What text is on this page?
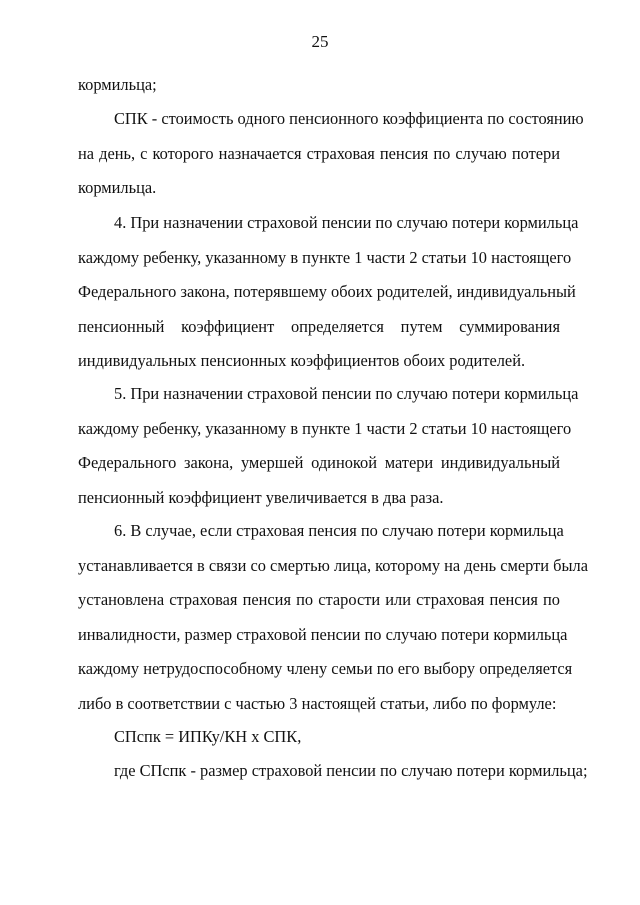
25
кормильца;
СПК - стоимость одного пенсионного коэффициента по состоянию
на день, с которого назначается страховая пенсия по случаю потери
кормильца.
4. При назначении страховой пенсии по случаю потери кормильца
каждому ребенку, указанному в пункте 1 части 2 статьи 10 настоящего
Федерального закона, потерявшему обоих родителей, индивидуальный
пенсионный коэффициент определяется путем суммирования
индивидуальных пенсионных коэффициентов обоих родителей.
5. При назначении страховой пенсии по случаю потери кормильца
каждому ребенку, указанному в пункте 1 части 2 статьи 10 настоящего
Федерального закона, умершей одинокой матери индивидуальный
пенсионный коэффициент увеличивается в два раза.
6. В случае, если страховая пенсия по случаю потери кормильца
устанавливается в связи со смертью лица, которому на день смерти была
установлена страховая пенсия по старости или страховая пенсия по
инвалидности, размер страховой пенсии по случаю потери кормильца
каждому нетрудоспособному члену семьи по его выбору определяется
либо в соответствии с частью 3 настоящей статьи, либо по формуле:
СПспк = ИПКу/КН х СПК,
где СПспк - размер страховой пенсии по случаю потери кормильца;
